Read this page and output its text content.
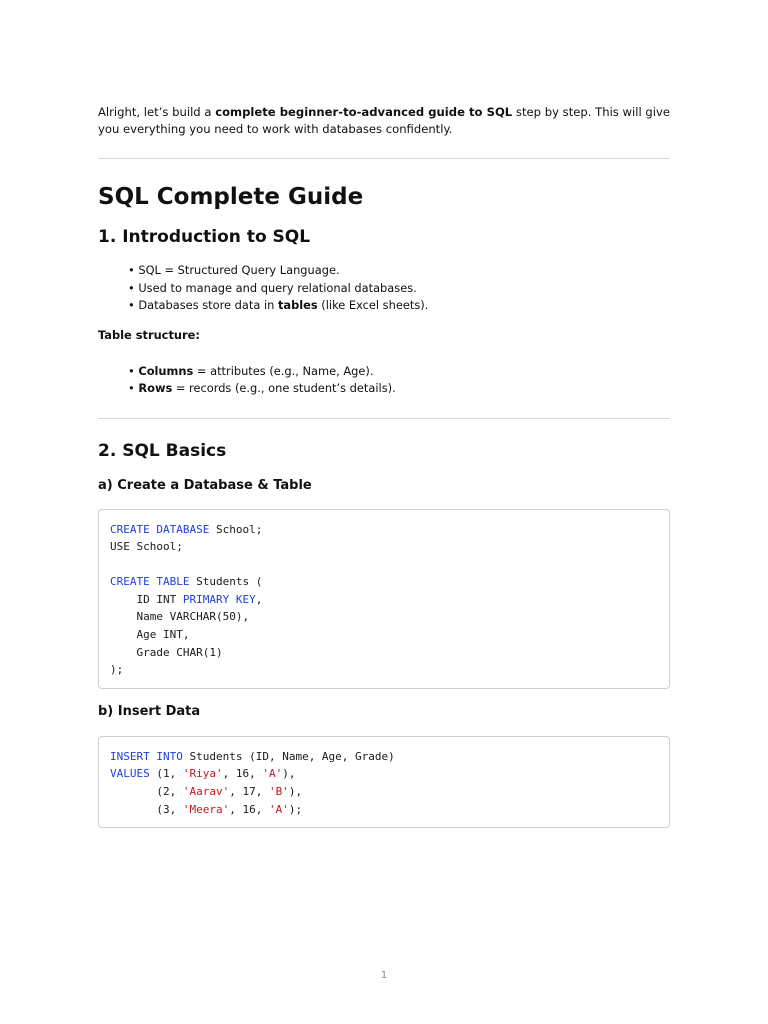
Alright, let’s build a complete beginner-to-advanced guide to SQL step by step. This will give you everything you need to work with databases confidently.

SQL Complete Guide
1. Introduction to SQL
• SQL = Structured Query Language.
• Used to manage and query relational databases.
• Databases store data in tables (like Excel sheets).

Table structure:

• Columns = attributes (e.g., Name, Age).
• Rows = records (e.g., one student’s details).
2. SQL Basics
a) Create a Database & Table
CREATE DATABASE School;
USE School;

CREATE TABLE Students (
ID INT PRIMARY KEY,
Name VARCHAR(50),
Age INT,
Grade CHAR(1)
);
b) Insert Data
INSERT INTO Students (ID, Name, Age, Grade)
VALUES (1, 'Riya', 16, 'A'),
(2, 'Aarav', 17, 'B'),
(3, 'Meera', 16, 'A');
1
